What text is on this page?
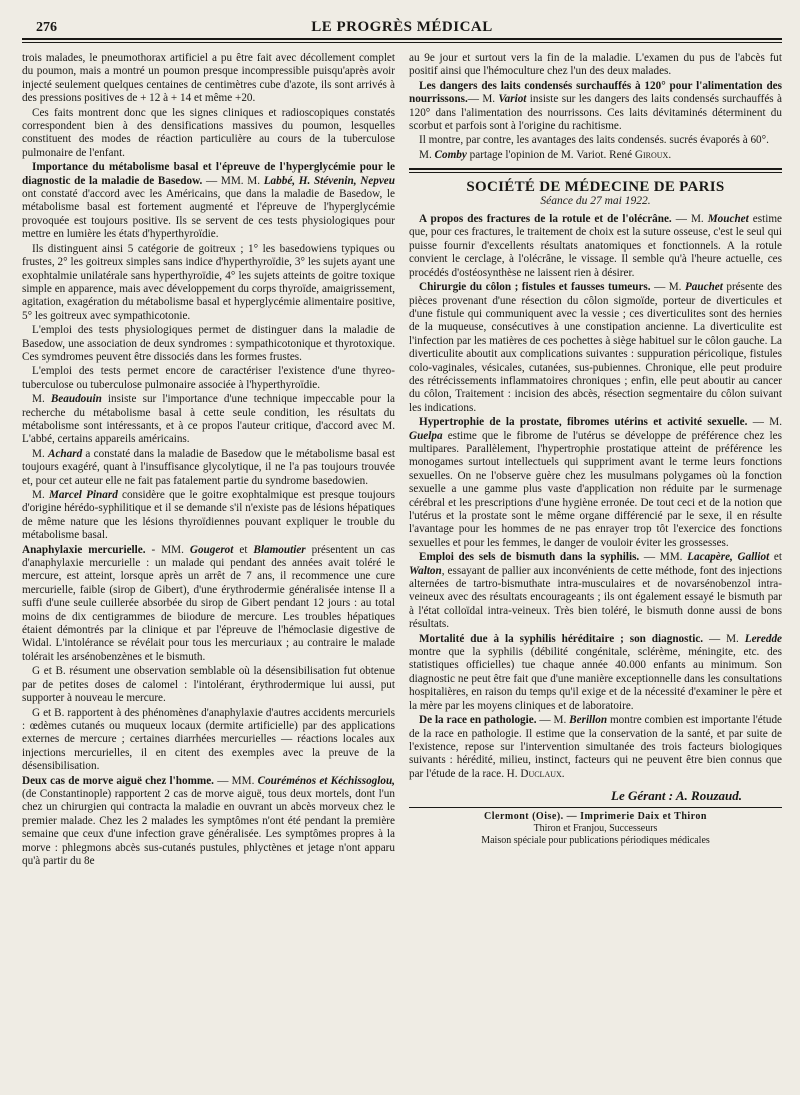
276	LE PROGRÈS MÉDICAL

trois malades, le pneumothorax artificiel a pu être fait avec décollement complet du poumon, mais a montré un poumon presque incompressible puisqu'après avoir injecté seulement quelques centaines de centimètres cube d'azote, ils sont arrivés à des pressions positives de + 12 à + 14 et même +20.

Ces faits montrent donc que les signes cliniques et radioscopiques constatés correspondent bien à des densifications massives du poumon, lesquelles constituent des modes de réaction particulière au cours de la tuberculose pulmonaire de l'enfant.

Importance du métabolisme basal et l'épreuve de l'hyperglycémie pour le diagnostic de la maladie de Basedow. — MM. M. Labbé, H. Stévenin, Nepveu ont constaté d'accord avec les Américains, que dans la maladie de Basedow, le métabolisme basal est fortement augmenté et l'épreuve de l'hyperglycémie provoquée est toujours positive. Ils se servent de ces tests physiologiques pour mettre en lumière les états d'hyperthyroïdie.

Ils distinguent ainsi 5 catégorie de goitreux ; 1° les basedowiens typiques ou frustes, 2° les goitreux simples sans indice d'hyperthyroïdie, 3° les sujets ayant une exophtalmie unilatérale sans hyperthyroïdie, 4° les sujets atteints de goitre toxique simple en apparence, mais avec développement du corps thyroïde, amaigrissement, agitation, exagération du métabolisme basal et hyperglycémie alimentaire positive, 5° les goitreux avec sympathicotonie.

L'emploi des tests physiologiques permet de distinguer dans la maladie de Basedow, une association de deux syndromes : sympathicotonique et thyrotoxique. Ces symdromes peuvent être dissociés dans les formes frustes.

L'emploi des tests permet encore de caractériser l'existence d'une thyreo-tuberculose ou tuberculose pulmonaire associée à l'hyperthyroïdie.

M. Beaudouin insiste sur l'importance d'une technique impeccable pour la recherche du métabolisme basal à cette seule condition, les résultats du métabolisme sont intéressants, et à ce propos l'auteur critique, d'accord avec M. L'abbé, certains appareils américains.

M. Achard a constaté dans la maladie de Basedow que le métabolisme basal est toujours exagéré, quant à l'insuffisance glycolytique, il ne l'a pas toujours trouvée et, pour cet auteur elle ne fait pas fatalement partie du syndrome basedowien.

M. Marcel Pinard considère que le goitre exophtalmique est presque toujours d'origine hérédo-syphilitique et il se demande s'il n'existe pas de lésions hépatiques de même nature que les lésions thyroïdiennes pouvant expliquer le trouble du métabolisme basal.

Anaphylaxie mercurielle. - MM. Gougerot et Blamoutier présentent un cas d'anaphylaxie mercurielle : un malade qui pendant des années avait toléré le mercure, est atteint, lorsque après un arrêt de 7 ans, il recommence une cure mercurielle, faible (sirop de Gibert), d'une érythrodermie généralisée intense Il a suffi d'une seule cuillerée absorbée du sirop de Gibert pendant 12 jours : au total moins de dix centigrammes de biiodure de mercure. Les troubles hépatiques étaient démontrés par la clinique et par l'épreuve de l'hémoclasie digestive de Widal. L'intolérance se révélait pour tous les mercuriaux ; au contraire le malade tolérait les arsénobenzènes et le bismuth.

G et B. résument une observation semblable où la désensibilisation fut obtenue par de petites doses de calomel : l'intolérant, érythrodermique lui aussi, put supporter à nouveau le mercure.

G et B. rapportent à des phénomènes d'anaphylaxie d'autres accidents mercuriels : œdèmes cutanés ou muqueux locaux (dermite artificielle) par des applications externes de mercure ; certaines diarrhées mercurielles — réactions locales aux injections mercurielles, il en citent des exemples avec la preuve de la désensibilisation.

Deux cas de morve aiguë chez l'homme. — MM. Couréménos et Kéchissoglou, (de Constantinople) rapportent 2 cas de morve aiguë, tous deux mortels, dont l'un chez un chirurgien qui contracta la maladie en ouvrant un abcès morveux chez le premier malade. Chez les 2 malades les symptômes n'ont été pendant la première semaine que ceux d'une infection grave généralisée. Les symptômes propres à la morve : phlegmons abcès sus-cutanés pustules, phlyctènes et jetage n'ont apparu qu'à partir du 8e

au 9e jour et surtout vers la fin de la maladie. L'examen du pus de l'abcès fut positif ainsi que l'hémoculture chez l'un des deux malades.

Les dangers des laits condensés surchauffés à 120° pour l'alimentation des nourrissons.— M. Variot insiste sur les dangers des laits condensés surchauffés à 120° dans l'alimentation des nourrissons. Ces laits dévitaminés déterminent du scorbut et parfois sont à l'origine du rachitisme.

Il montre, par contre, les avantages des laits condensés. sucrés évaporés à 60°.

M. Comby partage l'opinion de M. Variot. René Giroux.

SOCIÉTÉ DE MÉDECINE DE PARIS
Séance du 27 mai 1922.

A propos des fractures de la rotule et de l'olécrâne. — M. Mouchet estime que, pour ces fractures, le traitement de choix est la suture osseuse, c'est le seul qui puisse fournir d'excellents résultats anatomiques et fonctionnels. A la rotule convient le cerclage, à l'olécrâne, le vissage. Il semble qu'à l'heure actuelle, ces procédés d'ostéosynthèse ne laissent rien à désirer.

Chirurgie du côlon ; fistules et fausses tumeurs. — M. Pauchet présente des pièces provenant d'une résection du côlon sigmoïde, porteur de diverticules et d'une fistule qui communiquent avec la vessie ; ces diverticulites sont des hernies de la muqueuse, consécutives à une constipation ancienne. La diverticulite est l'infection par les matières de ces pochettes à siège habituel sur le côlon gauche. La diverticulite aboutit aux complications suivantes : suppuration péricolique, fistules colo-vaginales, vésicales, cutanées, sus-pubiennes. Chronique, elle peut produire des rétrécissements inflammatoires chroniques ; enfin, elle peut aboutir au cancer du côlon, Traitement : incision des abcès, résection segmentaire du côlon suivant les indications.

Hypertrophie de la prostate, fibromes utérins et activité sexuelle. — M. Guelpa estime que le fibrome de l'utérus se développe de préférence chez les multipares. Parallèlement, l'hypertrophie prostatique atteint de préférence les monogames surtout intellectuels qui suppriment avant le terme leurs fonctions sexuelles. On ne l'observe guère chez les musulmans polygames où la fonction sexuelle a une gamme plus vaste d'application non réduite par le surmenage cérébral et les prescriptions d'une hygiène erronée. De tout ceci et de la notion que l'utérus et la prostate sont le même organe différencié par le sexe, il en résulte l'avantage pour les hommes de ne pas enrayer trop tôt l'exercice des fonctions sexuelles et pour les femmes, le danger de vouloir éviter les grossesses.

Emploi des sels de bismuth dans la syphilis. — MM. Lacapère, Galliot et Walton, essayant de pallier aux inconvénients de cette méthode, font des injections alternées de tartro-bismuthate intra-musculaires et de novarsénobenzol intra-veineux avec des résultats encourageants ; ils ont également essayé le bismuth par à l'état colloïdal intra-veineux. Très bien toléré, le bismuth donne aussi de bons résultats.

Mortalité due à la syphilis héréditaire ; son diagnostic. — M. Leredde montre que la syphilis (débilité congénitale, sclérème, méningite, etc. des statistiques officielles) tue chaque année 40.000 enfants au minimum. Son diagnostic ne peut être fait que d'une manière exceptionnelle dans les consultations hospitalières, en raison du temps qu'il exige et de la nécessité d'examiner le père et la mère par les moyens cliniques et de laboratoire.

De la race en pathologie. — M. Berillon montre combien est importante l'étude de la race en pathologie. Il estime que la conservation de la santé, et par suite de l'existence, repose sur l'intervention simultanée des trois facteurs biologiques suivants : hérédité, milieu, instinct, facteurs qui ne peuvent être bien connus que par l'étude de la race. H. Duclaux.

Le Gérant : A. Rouzaud.
Clermont (Oise). — Imprimerie Daix et Thiron
Thiron et Franjou, Successeurs
Maison spéciale pour publications périodiques médicales
